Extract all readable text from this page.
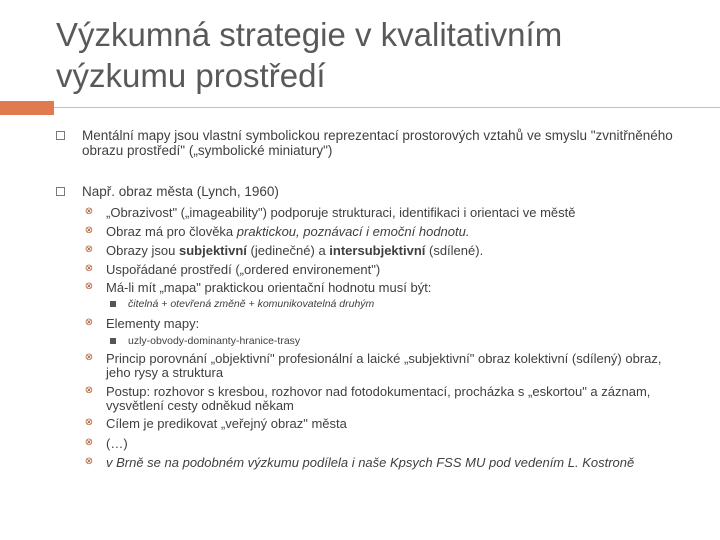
Výzkumná strategie v kvalitativním výzkumu prostředí
Mentální mapy jsou vlastní symbolickou reprezentací prostorových vztahů ve smyslu "zvnitřněného obrazu prostředí" („symbolické miniatury")
Např. obraz města (Lynch, 1960)
⊗ „Obrazivost" („imageability") podporuje strukturaci, identifikaci i orientaci ve městě
⊗ Obraz má pro člověka praktickou, poznávací i emoční hodnotu.
⊗ Obrazy jsou subjektivní (jedinečné) a intersubjektivní (sdílené).
⊗ Uspořádané prostředí („ordered environement")
⊗ Má-li mít „mapa" praktickou orientační hodnotu musí být:
čitelná + otevřená změně + komunikovatelná druhým
⊗ Elementy mapy:
uzly-obvody-dominanty-hranice-trasy
⊗ Princip porovnání „objektivní" profesionální a laické „subjektivní" obraz kolektivní (sdílený) obraz, jeho rysy a struktura
⊗ Postup: rozhovor s kresbou, rozhovor nad fotodokumentací, procházka s „eskortou" a záznam, vysvětlení cesty odněkud někam
⊗ Cílem je predikovat „veřejný obraz" města
⊗ (…)
⊗ v Brně se na podobném výzkumu podílela i naše Kpsych FSS MU pod vedením L. Kostroně
